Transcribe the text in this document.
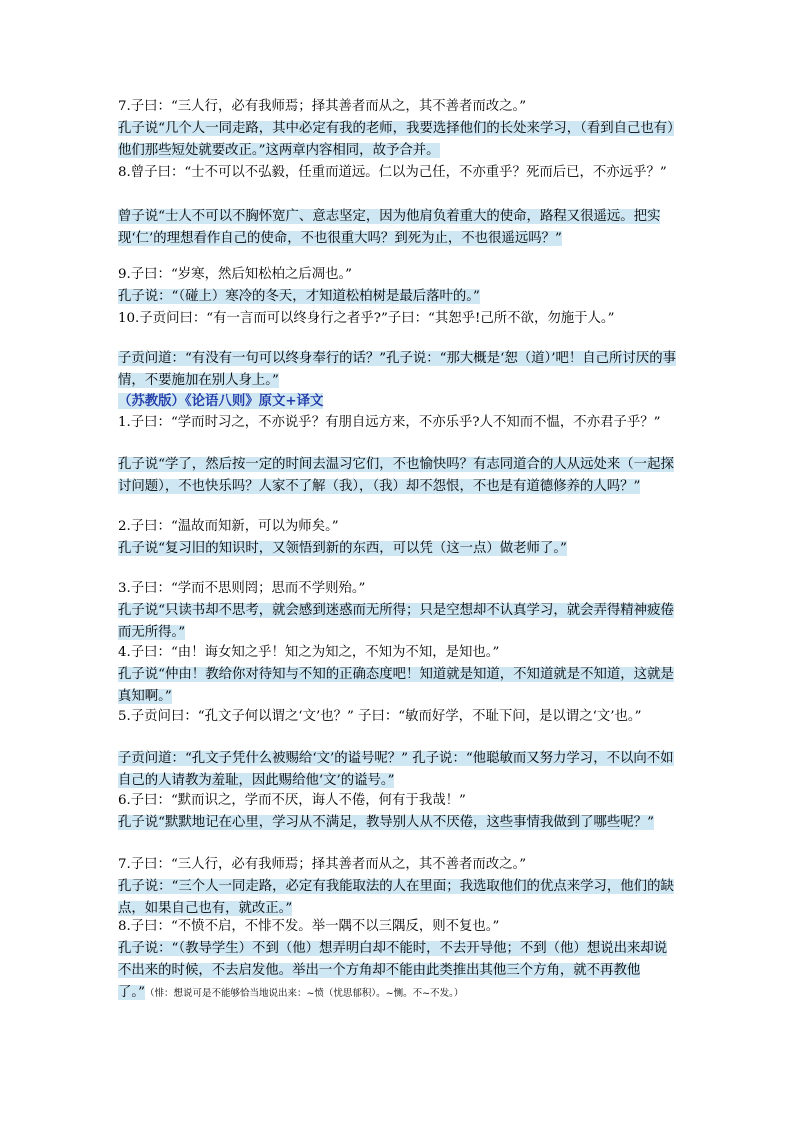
7.子曰：“三人行，必有我师焉；择其善者而从之，其不善者而改之。”
孔子说“几个人一同走路，其中必定有我的老师，我要选择他们的长处来学习，（看到自己也有）他们那些短处就要改正。”这两章内容相同，故予合并。
8.曾子曰：“士不可以不弘毅，任重而道远。仁以为己任，不亦重乎？死而后已，不亦远乎？”
曾子说“士人不可以不胸怀宽广、意志坚定，因为他肩负着重大的使命，路程又很遥远。把实现‘仁’的理想看作自己的使命，不也很重大吗？到死为止，不也很遥远吗？”
9.子曰：“岁寒，然后知松柏之后凋也。”
孔子说：“（碰上）寒冷的冬天，才知道松柏树是最后落叶的。”
10.子贡问曰：“有一言而可以终身行之者乎?”子曰：“其恕乎!己所不欲，勿施于人。”
子贡问道：“有没有一句可以终身奉行的话？”孔子说：“那大概是‘恕（道）’吧！自己所讨厌的事情，不要施加在别人身上。”
（苏教版）《论语八则》原文+译文
1.子曰：“学而时习之，不亦说乎？有朋自远方来，不亦乐乎?人不知而不愠，不亦君子乎？”
孔子说“学了，然后按一定的时间去温习它们，不也愉快吗？有志同道合的人从远处来（一起探讨问题），不也快乐吗？人家不了解（我），（我）却不怨恨，不也是有道德修养的人吗？”
2.子曰：“温故而知新，可以为师矣。”
孔子说“复习旧的知识时，又领悟到新的东西，可以凭（这一点）做老师了。”
3.子曰：“学而不思则罔；思而不学则殆。”
孔子说“只读书却不思考，就会感到迷惑而无所得；只是空想却不认真学习，就会弄得精神疲倦而无所得。”
4.子曰：“由！诲女知之乎！知之为知之，不知为不知，是知也。”
孔子说“仲由！教给你对待知与不知的正确态度吧！知道就是知道，不知道就是不知道，这就是真知啊。”
5.子贡问曰：“孔文子何以谓之‘文’也？” 子曰：“敏而好学，不耻下问，是以谓之‘文’也。”
子贡问道：“孔文子凭什么被赐给‘文’的谥号呢？” 孔子说：“他聪敏而又努力学习，不以向不如自己的人请教为羞耻，因此赐给他‘文’的谥号。”
6.子曰：“默而识之，学而不厌，诲人不倦，何有于我哉！”
孔子说“默默地记在心里，学习从不满足，教导别人从不厌倦，这些事情我做到了哪些呢？”
7.子曰：“三人行，必有我师焉；择其善者而从之，其不善者而改之。”
孔子说：“三个人一同走路，必定有我能取法的人在里面；我选取他们的优点来学习，他们的缺点，如果自己也有，就改正。”
8.子曰：“不愤不启，不悱不发。举一隅不以三隅反，则不复也。”
孔子说：“（教导学生）不到（他）想弄明白却不能时，不去开导他；不到（他）想说出来却说不出来的时候，不去启发他。举出一个方角却不能由此类推出其他三个方角，就不再教他了。”（悱：想说可是不能够恰当地说出来：~愤（忧思郁积）。~恻。不~不发。）
